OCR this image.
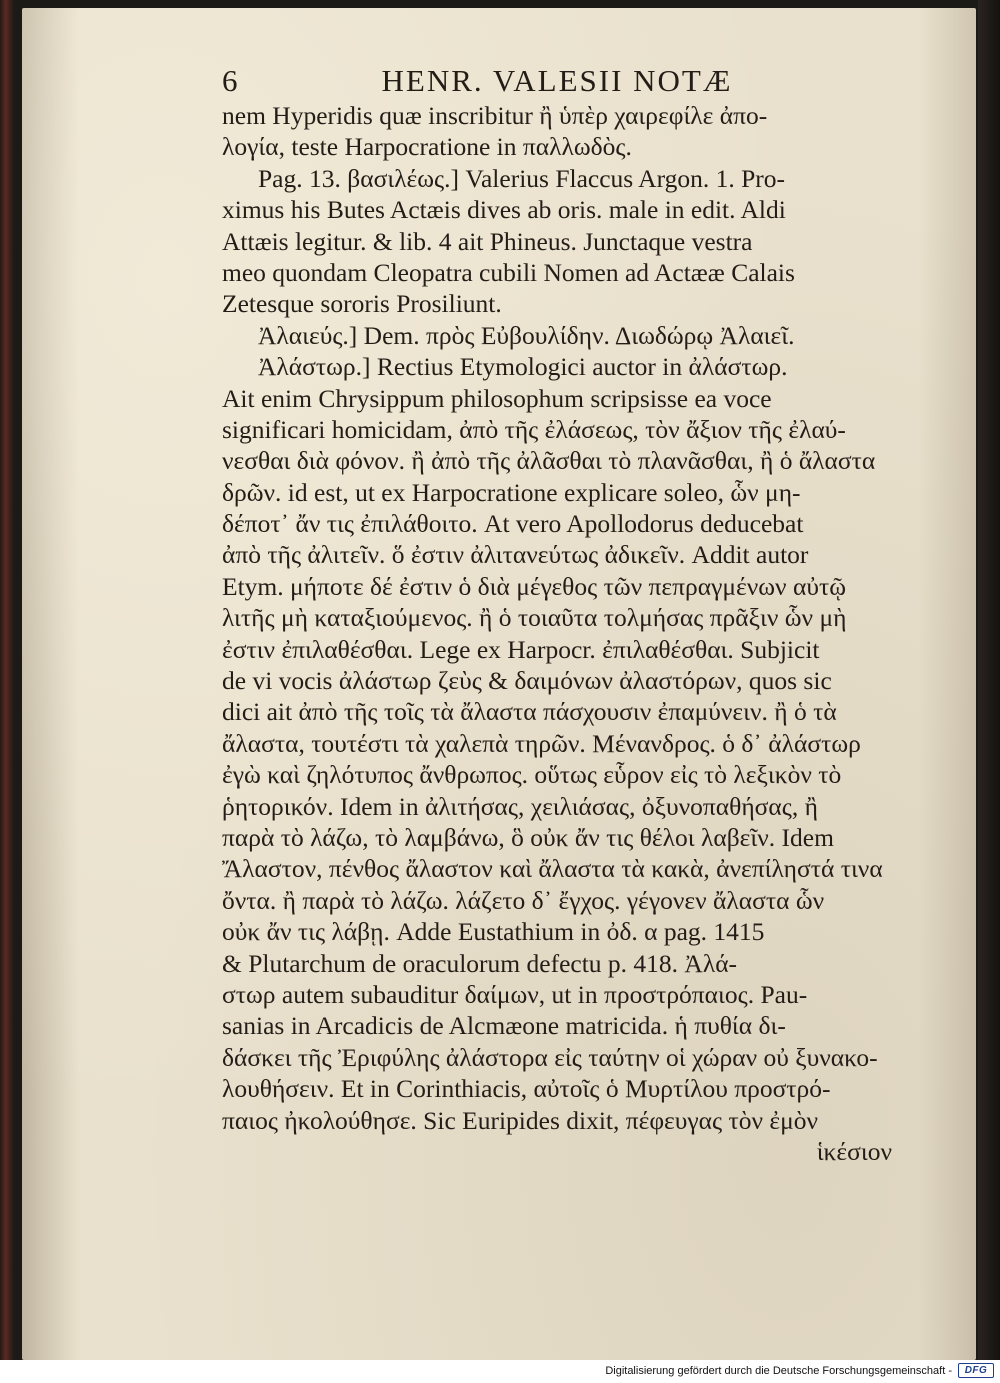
6	HENR. VALESII NOTÆ
nem Hyperidis quæ inscribitur ἢ ὑπὲρ χαιρεφίλε ἀπο-
λογία, teste Harpocratione in παλλωδὸς.
Pag. 13. βασιλέως.] Valerius Flaccus Argon. 1. Pro-
ximus his Butes Actæis dives ab oris. male in edit. Aldi
Attæis legitur. & lib. 4 ait Phineus. Junctaque vestra
meo quondam Cleopatra cubili Nomen ad Actææ Calais
Zetesque sororis Prosiliunt.
Ἀλαιεύς.] Dem. πρὸς Εὐβουλίδην. Διωδώρῳ Ἀλαιεῖ.
Ἀλάστωρ.] Rectius Etymologici auctor in ἀλάστωρ.
Ait enim Chrysippum philosophum scripsisse ea voce
significari homicidam, ἀπὸ τῆς ἐλάσεως, τὸν ἄξιον τῆς ἐλαύ-
νεσθαι διὰ φόνον. ἢ ἀπὸ τῆς ἀλᾶσθαι τὸ πλανᾶσθαι, ἢ ὁ ἄλαστα
δρῶν. id est, ut ex Harpocratione explicare soleo, ὧν μη-
δέποτ᾽ ἄν τις ἐπιλάθοιτο. At vero Apollodorus deducebat
ἀπὸ τῆς ἀλιτεῖν. ὅ ἐστιν ἀλιτανεύτως ἀδικεῖν. Addit autor
Etym. μήποτε δέ ἐστιν ὁ διὰ μέγεθος τῶν πεπραγμένων αὐτῷ
λιτῆς μὴ καταξιούμενος. ἢ ὁ τοιαῦτα τολμήσας πρᾶξιν ὧν μὴ
ἐστιν ἐπιλαθέσθαι. Lege ex Harpocr. ἐπιλαθέσθαι. Subjicit
de vi vocis ἀλάστωρ ζεὺς & δαιμόνων ἀλαστόρων, quos sic
dici ait ἀπὸ τῆς τοῖς τὰ ἄλαστα πάσχουσιν ἐπαμύνειν. ἢ ὁ τὰ
ἄλαστα, τουτέστι τὰ χαλεπὰ τηρῶν. Μένανδρος. ὁ δ᾽ ἀλάστωρ
ἐγὼ καὶ ζηλότυπος ἄνθρωπος. οὕτως εὗρον εἰς τὸ λεξικὸν τὸ
ῥητορικόν. Idem in ἀλιτήσας, χειλιάσας, ὀξυνοπαθήσας, ἢ
παρὰ τὸ λάζω, τὸ λαμβάνω, ὃ οὐκ ἄν τις θέλοι λαβεῖν. Idem
Ἄλαστον, πένθος ἄλαστον καὶ ἄλαστα τὰ κακὰ, ἀνεπίληστά τινα
ὄντα. ἢ παρὰ τὸ λάζω. λάζετο δ᾽ ἔγχος. γέγονεν ἄλαστα ὧν
οὐκ ἄν τις λάβῃ. Adde Eustathium in ὀδ. α pag. 1415
& Plutarchum de oraculorum defectu p. 418. Ἀλά-
στωρ autem subauditur δαίμων, ut in προστρόπαιος. Pau-
sanias in Arcadicis de Alcmæone matricida. ἡ πυθία δι-
δάσκει τῆς Ἐριφύλης ἀλάστορα εἰς ταύτην οἱ χώραν οὐ ξυνακο-
λουθήσειν. Et in Corinthiacis, αὐτοῖς ὁ Μυρτίλου προστρό-
παιος ἠκολούθησε. Sic Euripides dixit, πέφευγας τὸν ἐμὸν
ἱκέσιον
Digitalisierung gefördert durch die Deutsche Forschungsgemeinschaft -	DFG
